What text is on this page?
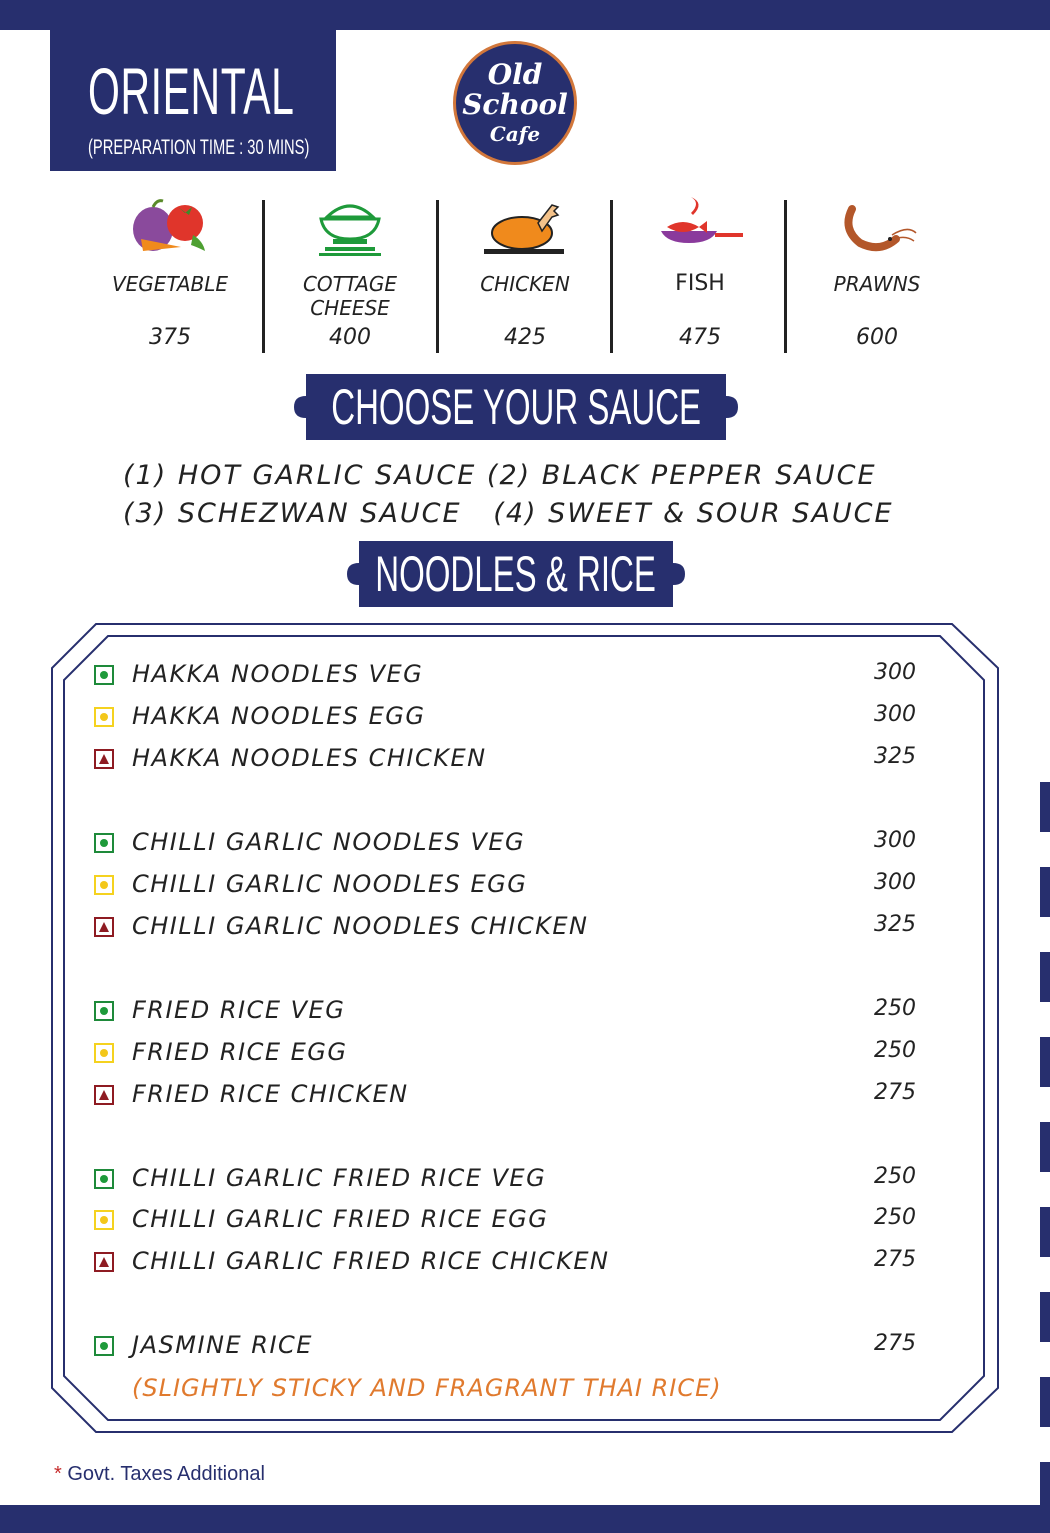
ORIENTAL
(PREPARATION TIME : 30 MINS)
Old
School
Cafe
VEGETABLE
375
COTTAGE CHEESE
400
CHICKEN
425
FISH
475
PRAWNS
600
CHOOSE YOUR SAUCE
(1) HOT GARLIC SAUCE (2) BLACK PEPPER SAUCE
(3) SCHEZWAN SAUCE   (4) SWEET & SOUR SAUCE
NOODLES & RICE
HAKKA NOODLES VEG	300
HAKKA NOODLES EGG	300
HAKKA NOODLES CHICKEN	325
CHILLI GARLIC NOODLES VEG	300
CHILLI GARLIC NOODLES EGG	300
CHILLI GARLIC NOODLES CHICKEN	325
FRIED RICE VEG	250
FRIED RICE EGG	250
FRIED RICE CHICKEN	275
CHILLI GARLIC FRIED RICE VEG	250
CHILLI GARLIC FRIED RICE EGG	250
CHILLI GARLIC FRIED RICE CHICKEN	275
JASMINE RICE	275
(SLIGHTLY STICKY AND FRAGRANT THAI RICE)
* Govt. Taxes Additional
